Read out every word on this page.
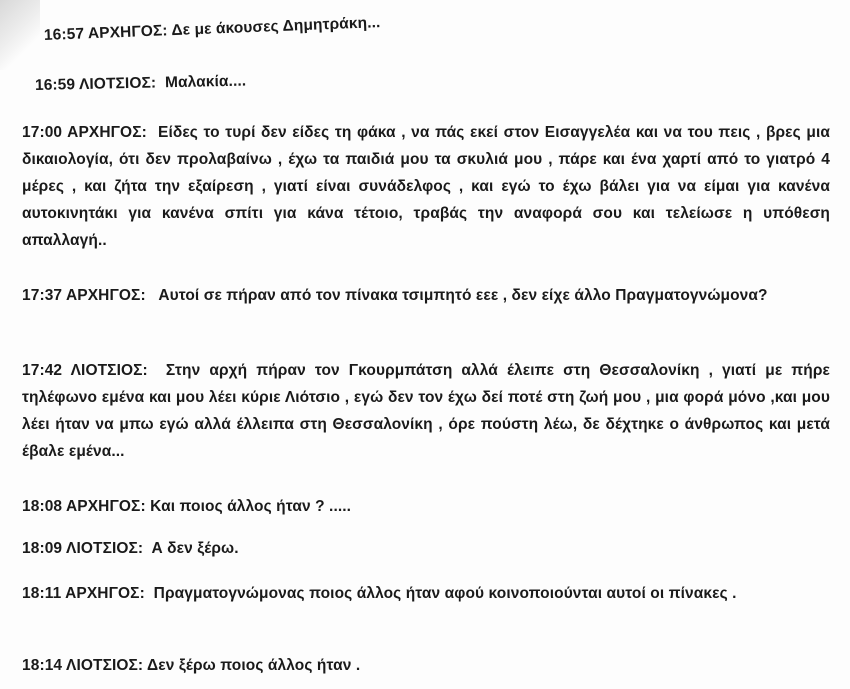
16:57 ΑΡΧΗΓΟΣ: Δε με άκουσες Δημητράκη...

16:59 ΛΙΟΤΣΙΟΣ: Μαλακία....

17:00 ΑΡΧΗΓΟΣ: Είδες το τυρί δεν είδες τη φάκα , να πάς εκεί στον Εισαγγελέα και να του πεις , βρες μια δικαιολογία, ότι δεν προλαβαίνω , έχω τα παιδιά μου τα σκυλιά μου , πάρε και ένα χαρτί από το γιατρό 4 μέρες , και ζήτα την εξαίρεση , γιατί είναι συνάδελφος , και εγώ το έχω βάλει για να είμαι για κανένα αυτοκινητάκι για κανένα σπίτι για κάνα τέτοιο, τραβάς την αναφορά σου και τελείωσε η υπόθεση απαλλαγή..

17:37 ΑΡΧΗΓΟΣ: Αυτοί σε πήραν από τον πίνακα τσιμπητό εεε , δεν είχε άλλο Πραγματογνώμονα?

17:42 ΛΙΟΤΣΙΟΣ: Στην αρχή πήραν τον Γκουρμπάτση αλλά έλειπε στη Θεσσαλονίκη , γιατί με πήρε τηλέφωνο εμένα και μου λέει κύριε Λιότσιο , εγώ δεν τον έχω δεί ποτέ στη ζωή μου , μια φορά μόνο ,και μου λέει ήταν να μπω εγώ αλλά έλλειπα στη Θεσσαλονίκη , όρε πούστη λέω, δε δέχτηκε ο άνθρωπος και μετά έβαλε εμένα...

18:08 ΑΡΧΗΓΟΣ: Και ποιος άλλος ήταν ? .....

18:09 ΛΙΟΤΣΙΟΣ: Α δεν ξέρω.

18:11 ΑΡΧΗΓΟΣ: Πραγματογνώμονας ποιος άλλος ήταν αφού κοινοποιούνται αυτοί οι πίνακες .

18:14 ΛΙΟΤΣΙΟΣ: Δεν ξέρω ποιος άλλος ήταν .
